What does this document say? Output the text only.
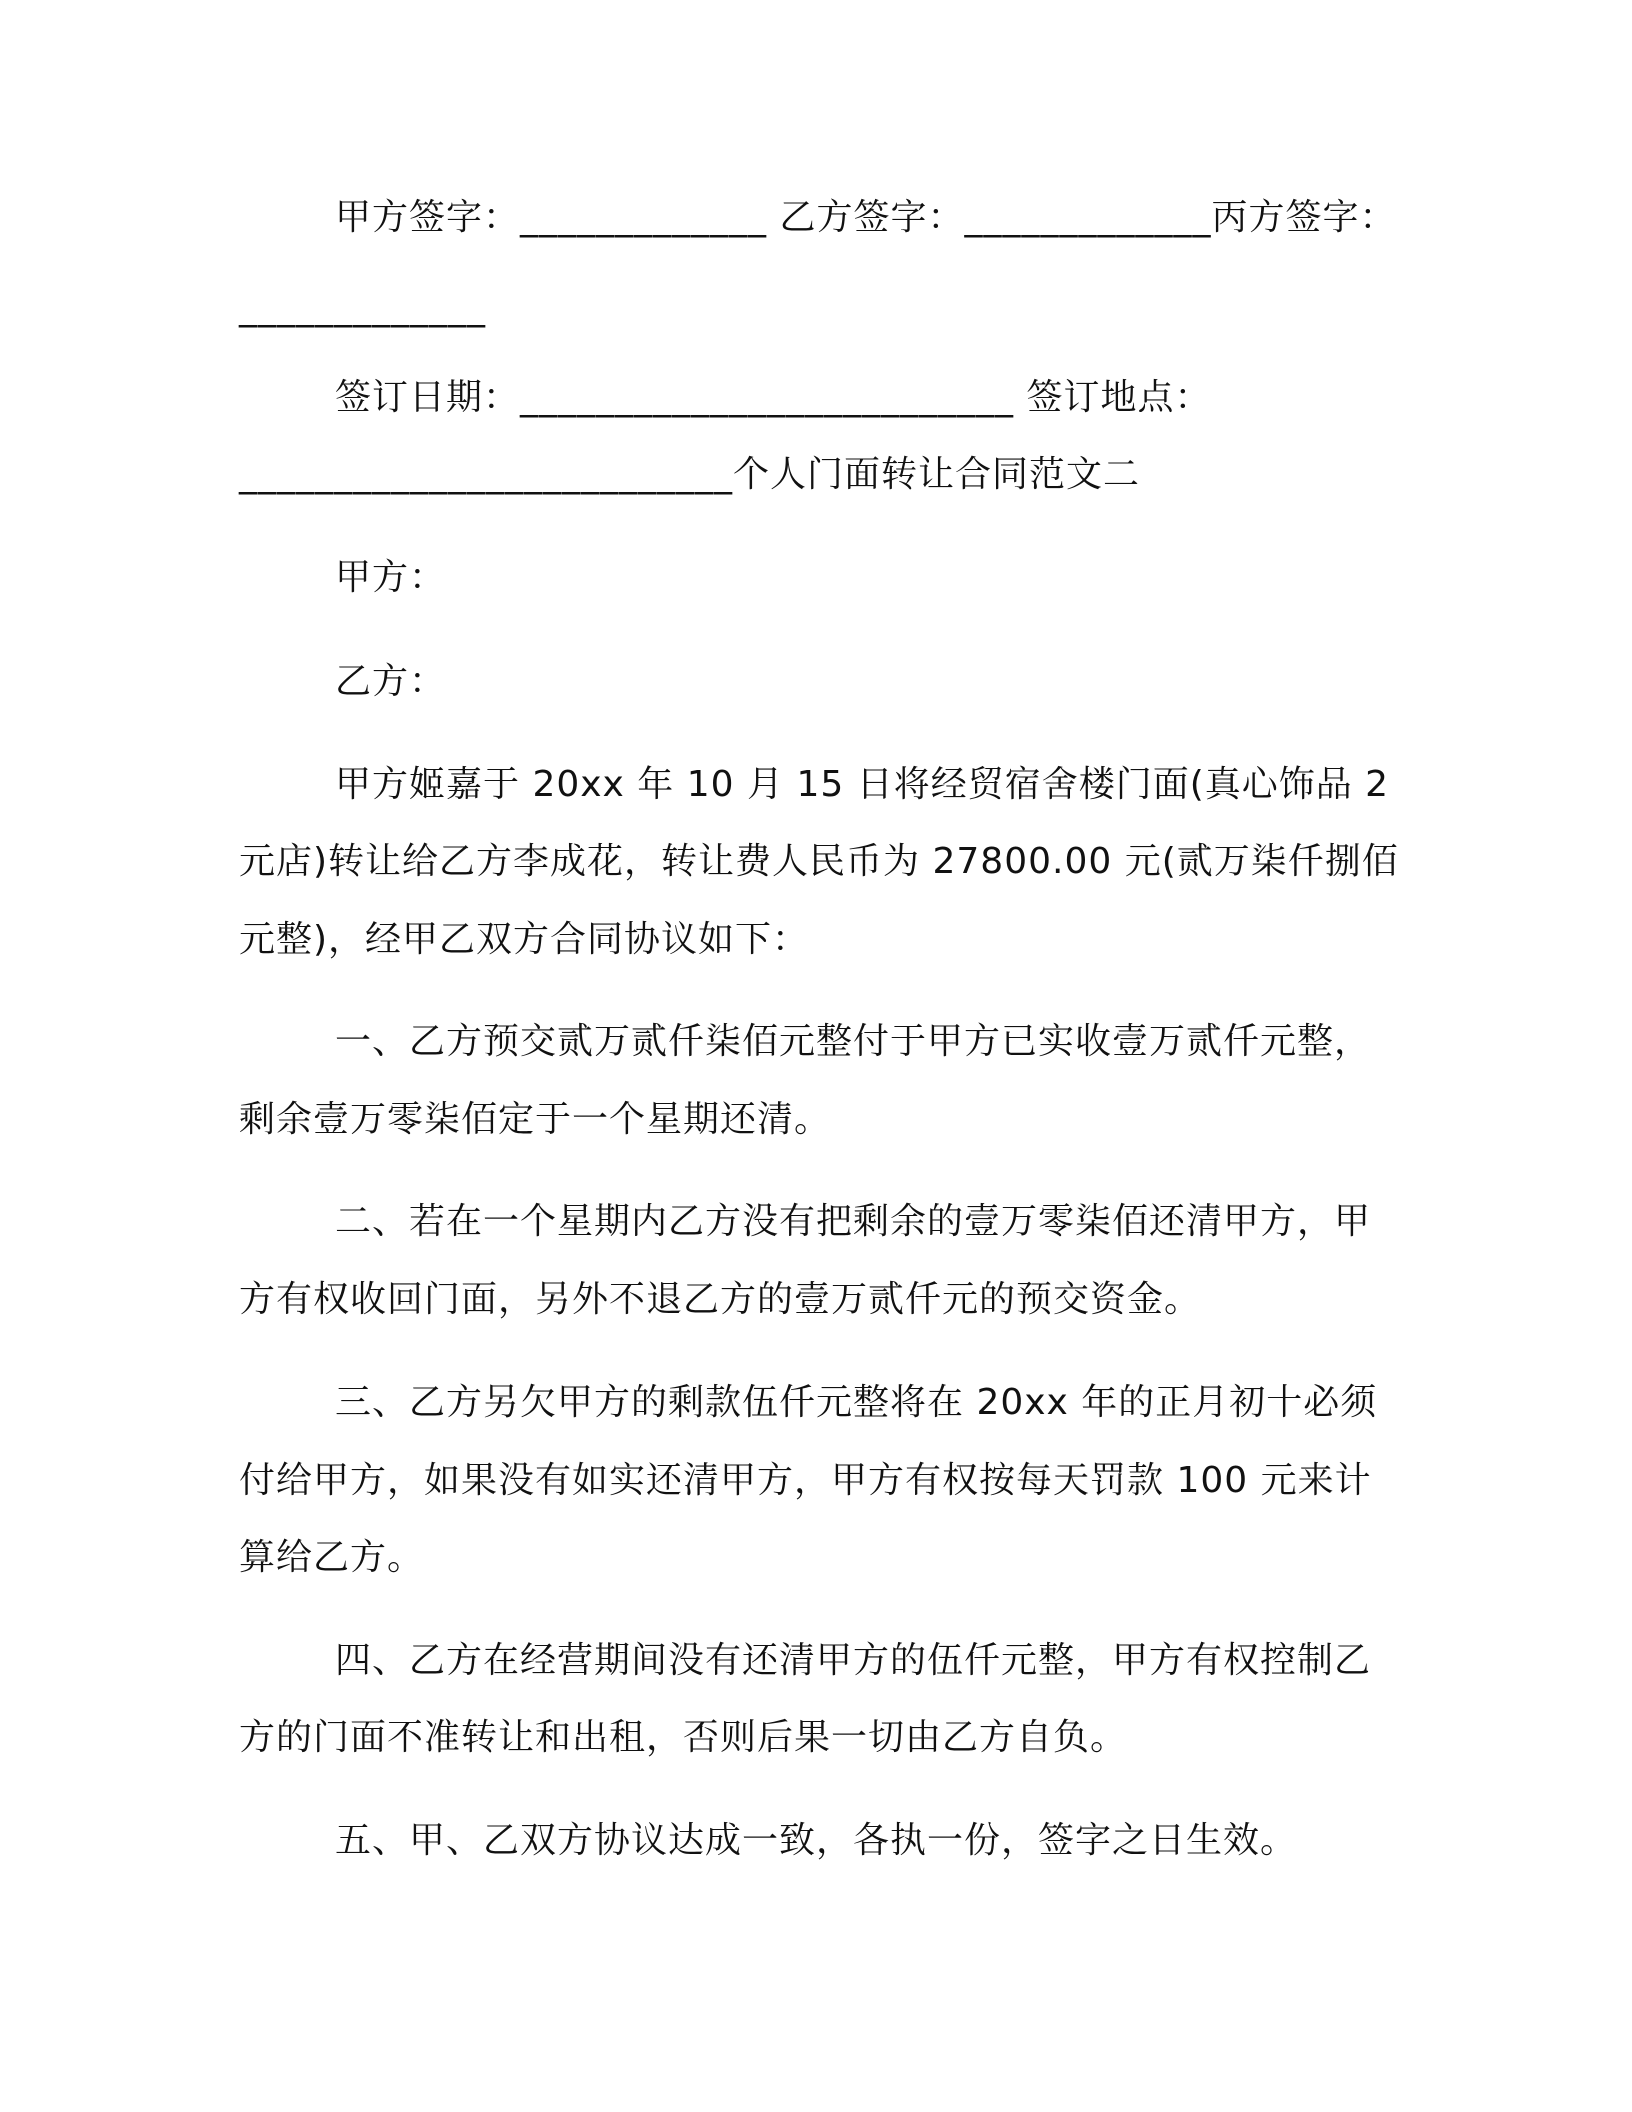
甲方签字：_____________ 乙方签字：_____________丙方签字：
_____________
签订日期：__________________________ 签订地点：
__________________________个人门面转让合同范文二
甲方：
乙方：
甲方姬嘉于 20xx 年 10 月 15 日将经贸宿舍楼门面(真心饰品 2
元店)转让给乙方李成花，转让费人民币为 27800.00 元(贰万柒仟捌佰
元整)，经甲乙双方合同协议如下：
一、乙方预交贰万贰仟柒佰元整付于甲方已实收壹万贰仟元整，
剩余壹万零柒佰定于一个星期还清。
二、若在一个星期内乙方没有把剩余的壹万零柒佰还清甲方，甲
方有权收回门面，另外不退乙方的壹万贰仟元的预交资金。
三、乙方另欠甲方的剩款伍仟元整将在 20xx 年的正月初十必须
付给甲方，如果没有如实还清甲方，甲方有权按每天罚款 100 元来计
算给乙方。
四、乙方在经营期间没有还清甲方的伍仟元整，甲方有权控制乙
方的门面不准转让和出租，否则后果一切由乙方自负。
五、甲、乙双方协议达成一致，各执一份，签字之日生效。
